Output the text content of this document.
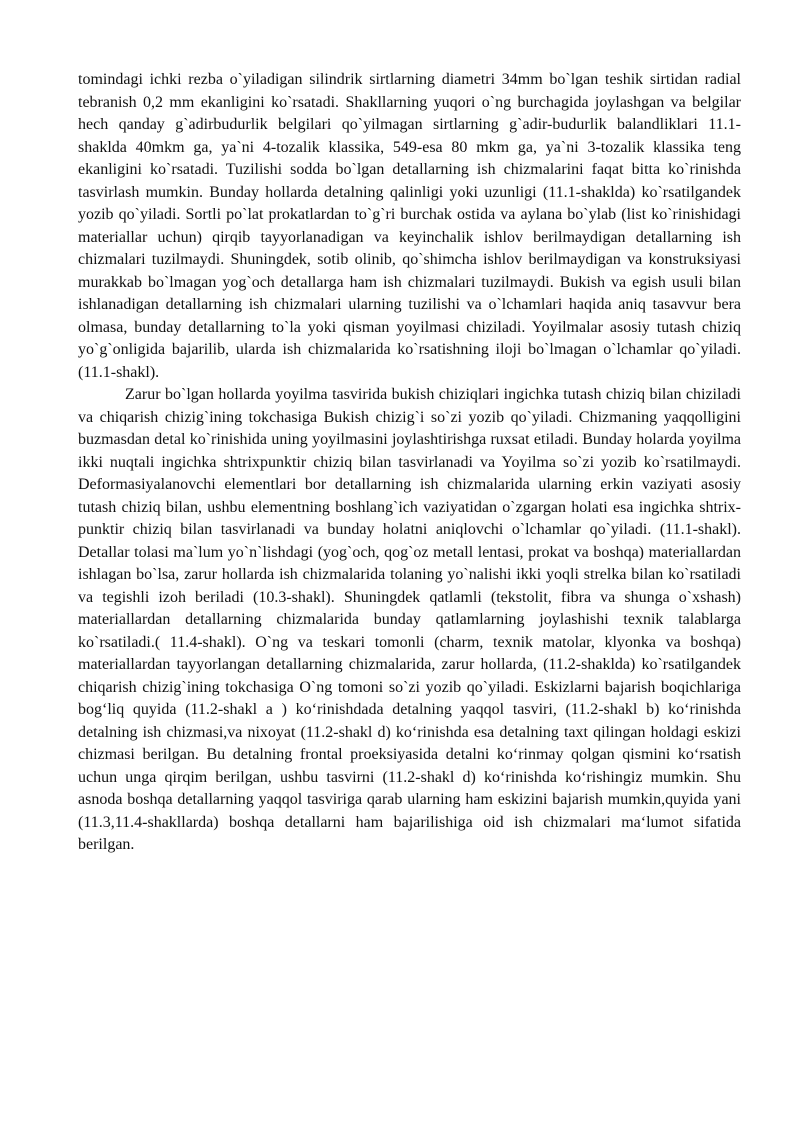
tomindagi ichki rezba o`yiladigan silindrik sirtlarning diametri 34mm bo`lgan teshik sirtidan radial tebranish 0,2 mm ekanligini ko`rsatadi. Shakllarning yuqori o`ng burchagida joylashgan va belgilar hech qanday g`adirbudurlik belgilari qo`yilmagan sirtlarning g`adir-budurlik balandliklari 11.1- shaklda 40mkm ga, ya`ni 4-tozalik klassika, 549-esa 80 mkm ga, ya`ni 3-tozalik klassika teng ekanligini ko`rsatadi. Tuzilishi sodda bo`lgan detallarning ish chizmalarini faqat bitta ko`rinishda tasvirlash mumkin. Bunday hollarda detalning qalinligi yoki uzunligi (11.1-shaklda) ko`rsatilgandek yozib qo`yiladi. Sortli po`lat prokatlardan to`g`ri burchak ostida va aylana bo`ylab (list ko`rinishidagi materiallar uchun) qirqib tayyorlanadigan va keyinchalik ishlov berilmaydigan detallarning ish chizmalari tuzilmaydi. Shuningdek, sotib olinib, qo`shimcha ishlov berilmaydigan va konstruksiyasi murakkab bo`lmagan yog`och detallarga ham ish chizmalari tuzilmaydi. Bukish va egish usuli bilan ishlanadigan detallarning ish chizmalari ularning tuzilishi va o`lchamlari haqida aniq tasavvur bera olmasa, bunday detallarning to`la yoki qisman yoyilmasi chiziladi. Yoyilmalar asosiy tutash chiziq yo`g`onligida bajarilib, ularda ish chizmalarida ko`rsatishning iloji bo`lmagan o`lchamlar qo`yiladi. (11.1-shakl).

Zarur bo`lgan hollarda yoyilma tasvirida bukish chiziqlari ingichka tutash chiziq bilan chiziladi va chiqarish chizig`ining tokchasiga Bukish chizig`i so`zi yozib qo`yiladi. Chizmaning yaqqolligini buzmasdan detal ko`rinishida uning yoyilmasini joylashtirishga ruxsat etiladi. Bunday holarda yoyilma ikki nuqtali ingichka shtrixpunktir chiziq bilan tasvirlanadi va Yoyilma so`zi yozib ko`rsatilmaydi. Deformasiyalanovchi elementlari bor detallarning ish chizmalarida ularning erkin vaziyati asosiy tutash chiziq bilan, ushbu elementning boshlang`ich vaziyatidan o`zgargan holati esa ingichka shtrix-punktir chiziq bilan tasvirlanadi va bunday holatni aniqlovchi o`lchamlar qo`yiladi. (11.1-shakl). Detallar tolasi ma`lum yo`n`lishdagi (yog`och, qog`oz metall lentasi, prokat va boshqa) materiallardan ishlagan bo`lsa, zarur hollarda ish chizmalarida tolaning yo`nalishi ikki yoqli strelka bilan ko`rsatiladi va tegishli izoh beriladi (10.3-shakl). Shuningdek qatlamli (tekstolit, fibra va shunga o`xshash) materiallardan detallarning chizmalarida bunday qatlamlarning joylashishi texnik talablarga ko`rsatiladi.( 11.4-shakl). O`ng va teskari tomonli (charm, texnik matolar, klyonka va boshqa) materiallardan tayyorlangan detallarning chizmalarida, zarur hollarda, (11.2-shaklda) ko`rsatilgandek chiqarish chizig`ining tokchasiga O`ng tomoni so`zi yozib qo`yiladi. Eskizlarni bajarish boqichlariga bog‘liq quyida (11.2-shakl a ) ko‘rinishdada detalning yaqqol tasviri, (11.2-shakl b) ko‘rinishda detalning ish chizmasi,va nixoyat (11.2-shakl d) ko‘rinishda esa detalning taxt qilingan holdagi eskizi chizmasi berilgan. Bu detalning frontal proeksiyasida detalni ko‘rinmay qolgan qismini ko‘rsatish uchun unga qirqim berilgan, ushbu tasvirni (11.2-shakl d) ko‘rinishda ko‘rishingiz mumkin. Shu asnoda boshqa detallarning yaqqol tasviriga qarab ularning ham eskizini bajarish mumkin,quyida yani (11.3,11.4-shakllarda) boshqa detallarni ham bajarilishiga oid ish chizmalari ma‘lumot sifatida berilgan.
